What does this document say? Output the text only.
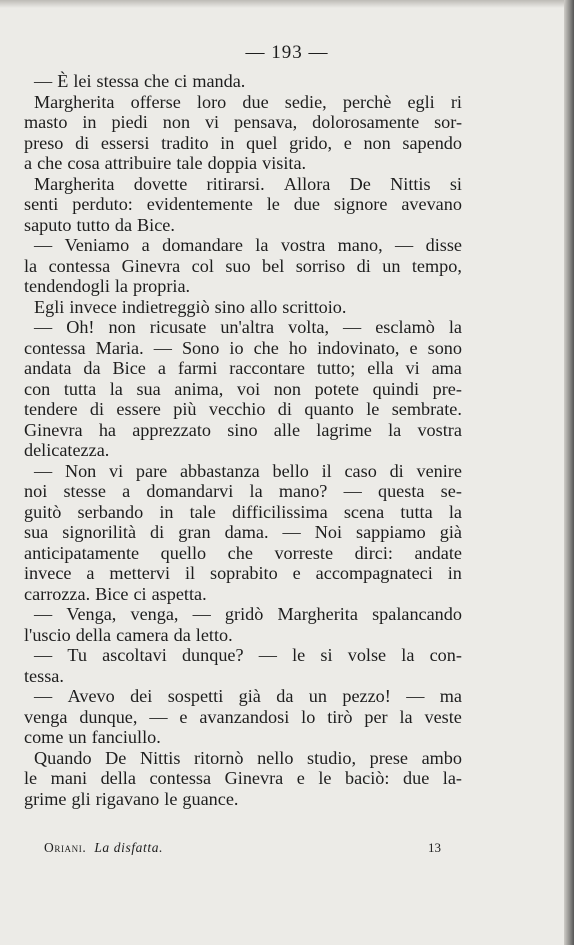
— 193 —
— È lei stessa che ci manda.
Margherita offerse loro due sedie, perchè egli ri
masto in piedi non vi pensava, dolorosamente sor-
preso di essersi tradito in quel grido, e non sapendo
a che cosa attribuire tale doppia visita.
Margherita dovette ritirarsi. Allora De Nittis si
senti perduto: evidentemente le due signore avevano
saputo tutto da Bice.
— Veniamo a domandare la vostra mano, — disse
la contessa Ginevra col suo bel sorriso di un tempo,
tendendogli la propria.
Egli invece indietreggiò sino allo scrittoio.
— Oh! non ricusate un'altra volta, — esclamò la
contessa Maria. — Sono io che ho indovinato, e sono
andata da Bice a farmi raccontare tutto; ella vi ama
con tutta la sua anima, voi non potete quindi pre-
tendere di essere più vecchio di quanto le sembrate.
Ginevra ha apprezzato sino alle lagrime la vostra
delicatezza.
— Non vi pare abbastanza bello il caso di venire
noi stesse a domandarvi la mano? — questa se-
guitò serbando in tale difficilissima scena tutta la
sua signorilità di gran dama. — Noi sappiamo già
anticipatamente quello che vorreste dirci: andate
invece a mettervi il soprabito e accompagnateci in
carrozza. Bice ci aspetta.
— Venga, venga, — gridò Margherita spalancando
l'uscio della camera da letto.
— Tu ascoltavi dunque? — le si volse la con-
tessa.
— Avevo dei sospetti già da un pezzo! — ma
venga dunque, — e avanzandosi lo tirò per la veste
come un fanciullo.
Quando De Nittis ritornò nello studio, prese ambo
le mani della contessa Ginevra e le baciò: due la-
grime gli rigavano le guance.
Oriani. La disfatta.	13
